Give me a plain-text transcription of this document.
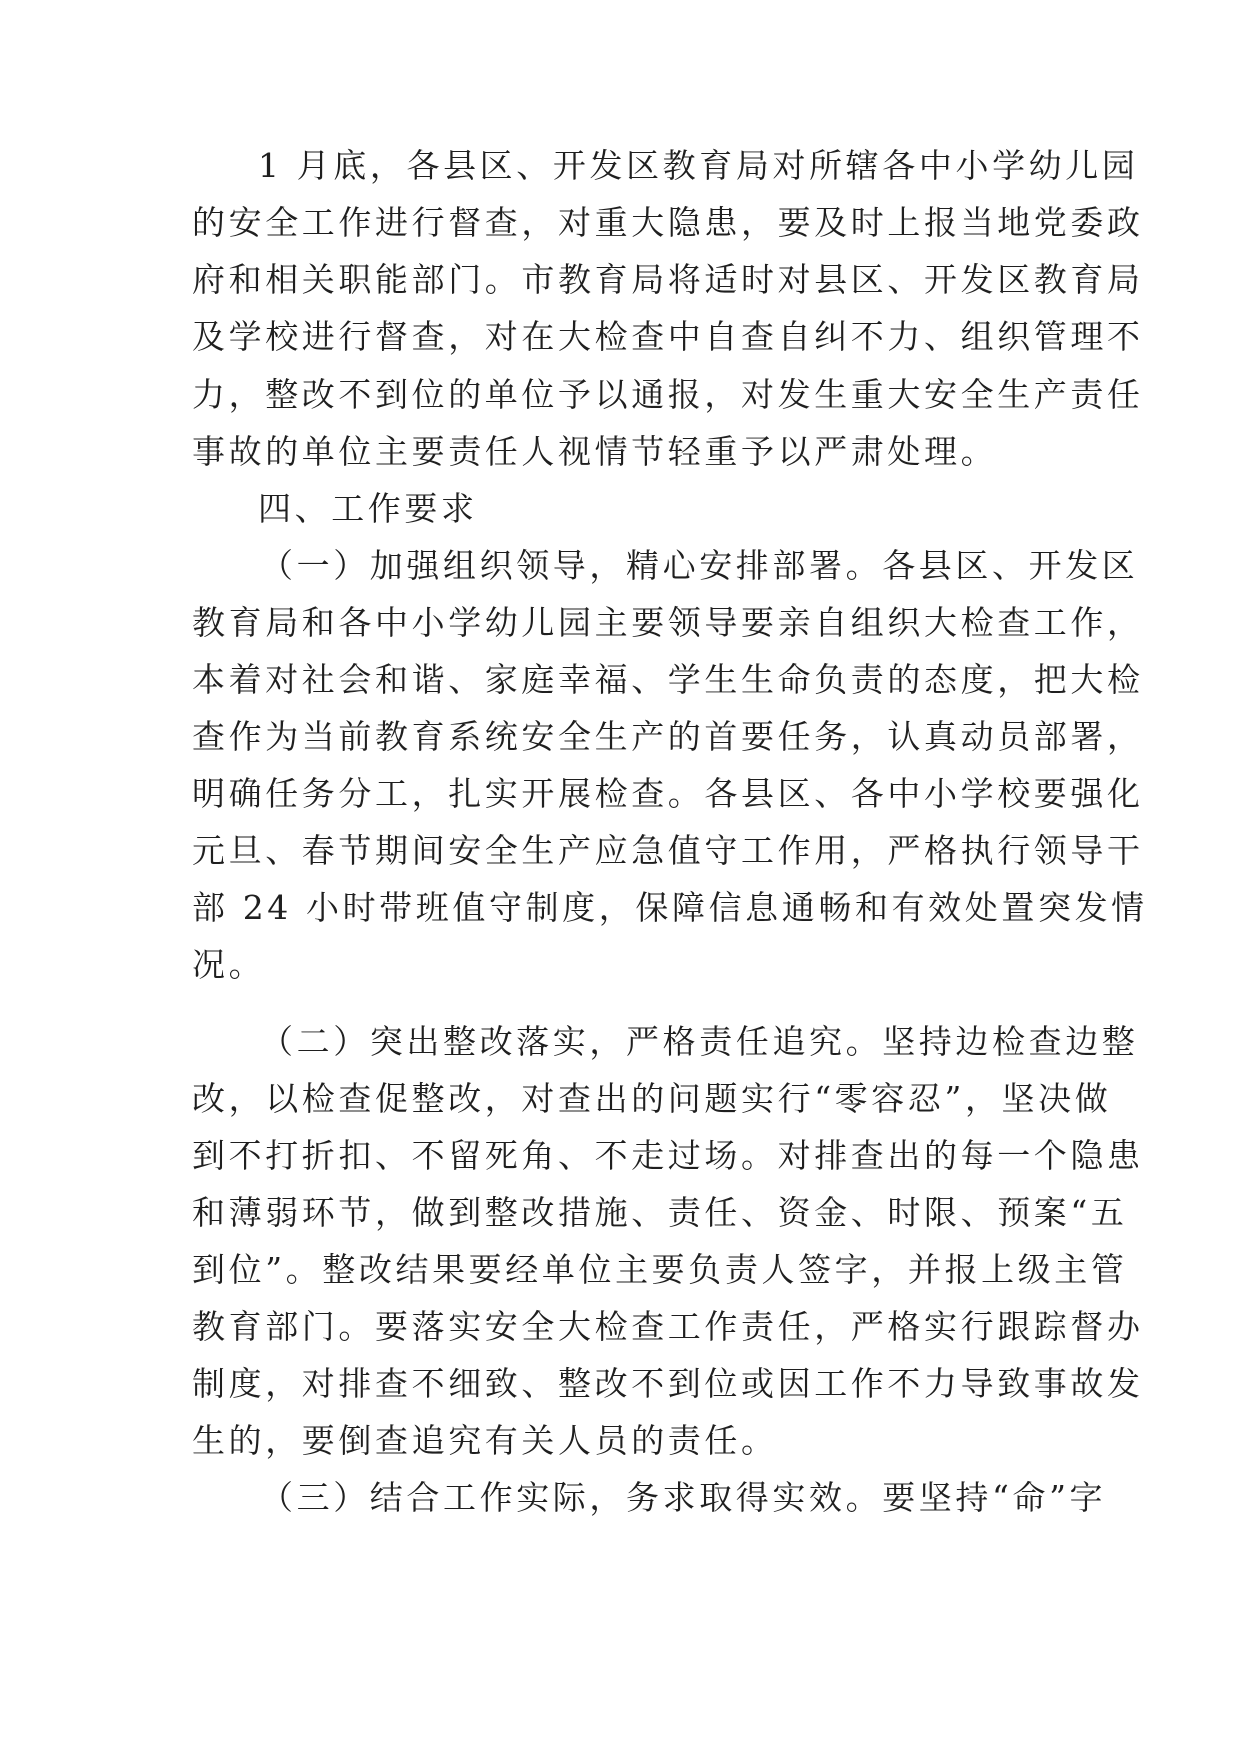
1 月底，各县区、开发区教育局对所辖各中小学幼儿园
的安全工作进行督查，对重大隐患，要及时上报当地党委政
府和相关职能部门。市教育局将适时对县区、开发区教育局
及学校进行督查，对在大检查中自查自纠不力、组织管理不
力，整改不到位的单位予以通报，对发生重大安全生产责任
事故的单位主要责任人视情节轻重予以严肃处理。
四、工作要求
（一）加强组织领导，精心安排部署。各县区、开发区
教育局和各中小学幼儿园主要领导要亲自组织大检查工作，
本着对社会和谐、家庭幸福、学生生命负责的态度，把大检
查作为当前教育系统安全生产的首要任务，认真动员部署，
明确任务分工，扎实开展检查。各县区、各中小学校要强化
元旦、春节期间安全生产应急值守工作用，严格执行领导干
部 24 小时带班值守制度，保障信息通畅和有效处置突发情
况。
（二）突出整改落实，严格责任追究。坚持边检查边整
改，以检查促整改，对查出的问题实行“零容忍”，坚决做
到不打折扣、不留死角、不走过场。对排查出的每一个隐患
和薄弱环节，做到整改措施、责任、资金、时限、预案“五
到位”。整改结果要经单位主要负责人签字，并报上级主管
教育部门。要落实安全大检查工作责任，严格实行跟踪督办
制度，对排查不细致、整改不到位或因工作不力导致事故发
生的，要倒查追究有关人员的责任。
（三）结合工作实际，务求取得实效。要坚持“命”字
